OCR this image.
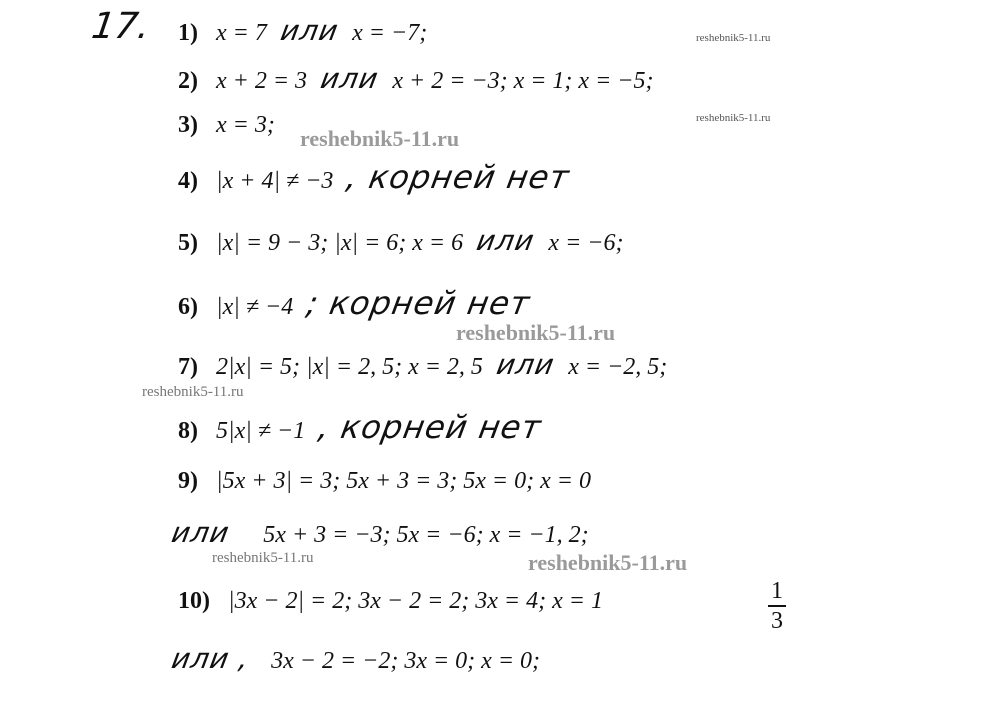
17. 1) x = 7 или x = −7;
2) x + 2 = 3 или x + 2 = −3; x = 1; x = −5;
3) x = 3;
4) |x + 4| ≠ −3 , корней нет
5) |x| = 9 − 3; |x| = 6; x = 6 или x = −6;
6) |x| ≠ −4 ; корней нет
7) 2|x| = 5; |x| = 2, 5; x = 2, 5 или x = −2, 5;
8) 5|x| ≠ −1 , корней нет
9) |5x + 3| = 3; 5x + 3 = 3; 5x = 0; x = 0
или 5x + 3 = −3; 5x = −6; x = −1, 2;
10) |3x − 2| = 2; 3x − 2 = 2; 3x = 4; x = 1	1
3
или , 3x − 2 = −2; 3x = 0; x = 0;
reshebnik5-11.ru
reshebnik5-11.ru
reshebnik5-11.ru
reshebnik5-11.ru
reshebnik5-11.ru
reshebnik5-11.ru	reshebnik5-11.ru
